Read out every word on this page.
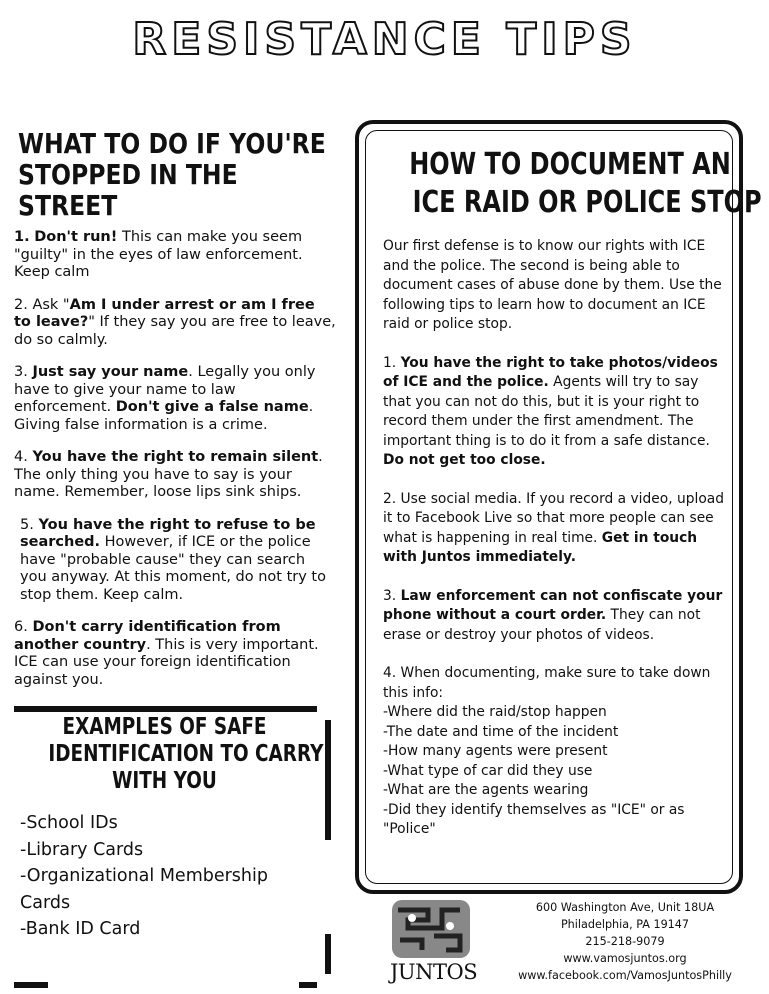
RESISTANCE TIPS
WHAT TO DO IF YOU'RE
STOPPED IN THE STREET

1. Don't run! This can make you seem "guilty" in the eyes of law enforcement. Keep calm

2. Ask "Am I under arrest or am I free to leave?" If they say you are free to leave, do so calmly.

3. Just say your name. Legally you only have to give your name to law enforcement. Don't give a false name. Giving false information is a crime.

4. You have the right to remain silent. The only thing you have to say is your name. Remember, loose lips sink ships.

5. You have the right to refuse to be searched. However, if ICE or the police have "probable cause" they can search you anyway. At this moment, do not try to stop them. Keep calm.

6. Don't carry identification from another country. This is very important. ICE can use your foreign identification against you.

EXAMPLES OF SAFE
IDENTIFICATION TO CARRY
WITH YOU
-School IDs
-Library Cards
-Organizational Membership
Cards
-Bank ID Card
HOW TO DOCUMENT AN
ICE RAID OR POLICE STOP

Our first defense is to know our rights with ICE and the police. The second is being able to document cases of abuse done by them. Use the following tips to learn how to document an ICE raid or police stop.

1. You have the right to take photos/videos of ICE and the police. Agents will try to say that you can not do this, but it is your right to record them under the first amendment. The important thing is to do it from a safe distance. Do not get too close.

2. Use social media. If you record a video, upload it to Facebook Live so that more people can see what is happening in real time. Get in touch with Juntos immediately.

3. Law enforcement can not confiscate your phone without a court order. They can not erase or destroy your photos of videos.

4. When documenting, make sure to take down this info:
-Where did the raid/stop happen
-The date and time of the incident
-How many agents were present
-What type of car did they use
-What are the agents wearing
-Did they identify themselves as "ICE" or as "Police"

JUNTOS
600 Washington Ave, Unit 18UA
Philadelphia, PA 19147
215-218-9079
www.vamosjuntos.org
www.facebook.com/VamosJuntosPhilly
